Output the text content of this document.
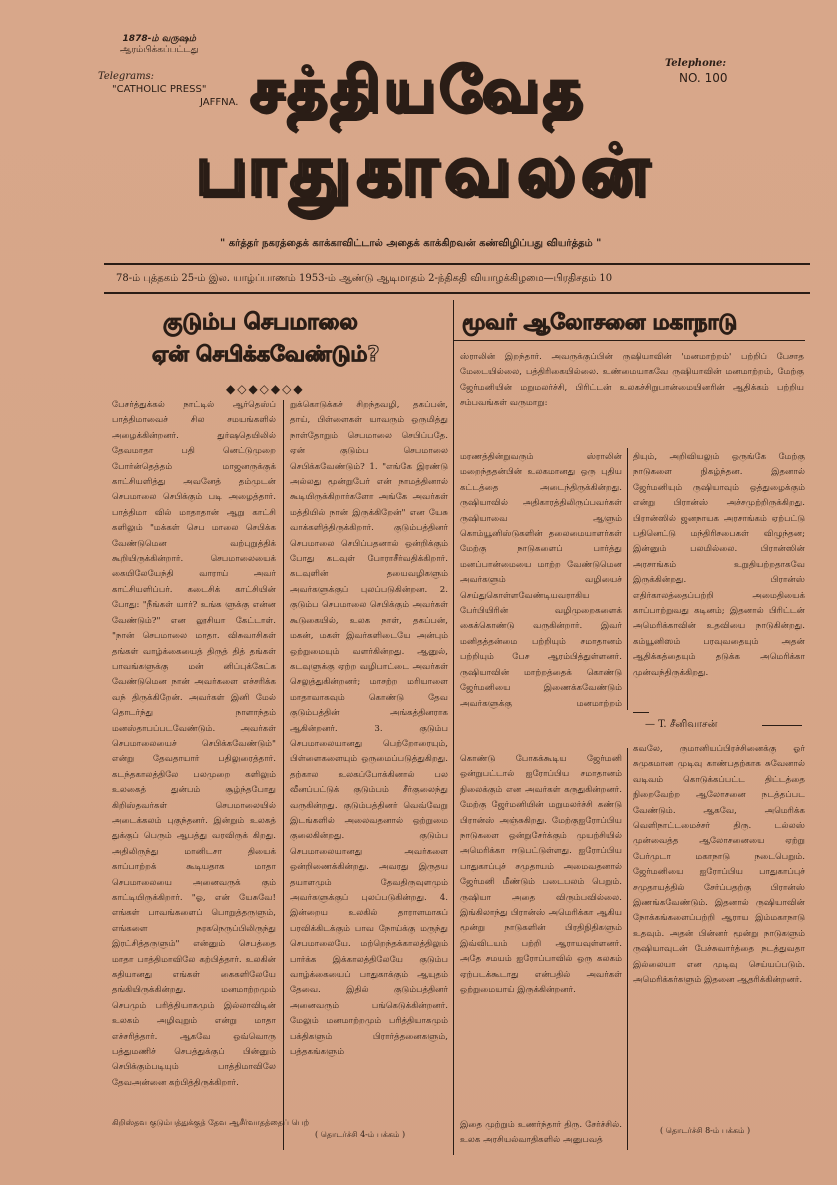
1878-ம் வருஷம்
ஆரம்பிக்கப்பட்டது
Telegrams:
"CATHOLIC PRESS"
JAFFNA.
Telephone:
NO. 100
சத்தியவேத
பாதுகாவலன்
" கர்த்தர் நகரத்தைக் காக்காவிட்டால் அதைக் காக்கிறவன் கண்விழிப்பது வியர்த்தம் "
78-ம் புத்தகம் 25-ம் இல. யாழ்ப்பாணம் 1953-ம் ஆண்டு ஆடிமாதம் 2-ந்திகதி வியாழக்கிழமை—பிரதிசதம் 10
குடும்ப செபமாலை
ஏன் செபிக்கவேண்டும்?
◆◇◆◇◆◇◆
மூவர் ஆலோசனை மகாநாடு

பேசர்த்துக்கல் நாட்டில் ஆர்தெஸ்ப் பாத்திமாவைச் சில சமயங்களில் அழைக்கின்றனர். துர்ஷதெயிலில் தேவமாதா பதி னெட்டுமுறை போர்ன்தெத்தம் மாஜனருக்குக் காட்சியளித்து அவனேத் தம்முடன் செபமாலை செபிக்கும் படி அழைத்தார். பாத்திமா வில் மாதாதான் ஆறு காட்சி களிலும் "மக்கள் செப மாலை செபிக்க வேண்டுமென வற்புறுத்திக் கூறியிருக்கின்றார். செபமாலையைக் கையிலேயேந்தி வாராய் அவர் காட்சியளிப்பர். கடைசிக் காட்சியின் போது: "நீங்கள் யார்? உங்க ளுக்கு என்ன வேண்டும்?" என லூசியா கேட்டாள். "நான் செபமாலை மாதா. விசுவாசிகள் தங்கள் வாழ்க்கையைத் திருத் தித் தங்கள் பாவங்களுக்கு மன் னிப்புக்கேட்க வேண்டுமென நான் அவர்களை எச்சரிக்க வந் திருக்கிறேன். அவர்கள் இனி மேல் தொடர்ந்து நாளாந்தம் மனஸ்தாபப்படவேண்டும். அவர்கள் செபமாலையைச் செபிக்கவேண்டும்" என்று தேவதாயார் பதிலுரைத்தார். கடந்தகாலத்திலே பலமுறை களிலும் உலகைத் துன்பம் சூழ்ந்தபோது கிறிஸ்தவர்கள் செபமாலையில் அடைக்கலம் புகுந்தனர். இன்றும் உலகத் துக்குப் பெரும் ஆபத்து வரவிருக் கிறது. அதிலிருந்து மானிடசா தியைக் காப்பாற்றக் கூடியதாக மாதா செபமாலையை அனைவருக் கும் காட்டியிருக்கிறார். "ஓ, என் யேசுவே! எங்கள் பாவங்களைப் பொறுத்தருளும், எங்களை நரகநெருப்பிலிருந்து இரட்சித்தருளும்" என்னும் செபத்தை மாதா பாத்திமாவிலே கற்பித்தார். உலகின் கதியானது எங்கள் கைகளிலேயே தங்கியிருக்கின்றது. மனமாற்றமும் செபமும் பரித்தியாகமும் இல்லாவிடின் உலகம் அழிவுறும் என்று மாதா எச்சரித்தார். ஆகவே ஒவ்வொரு பத்துமணிச் செபத்துக்குப் பின்னும் செபிக்கும்படியும் பாத்திமாவிலே தேவஅன்னை கற்பித்திருக்கிறார்.

கிறிஸ்தவ குடும்பத்துக்குத் தேவ ஆசீர்வாதத்தைப் பெற்

றுக்கொடுக்கச் சிறந்தவழி, தகப்பன், தாய், பிள்ளைகள் யாவரும் ஒருமித்து நாள்தோறும் செபமாலை செபிப்பதே. ஏன் குடும்ப செபமாலை செபிக்கவேண்டும்? 1. "எங்கே இரண்டு அல்லது மூன்றுபேர் என் நாமத்தினால் கூடியிருக்கிறார்களோ அங்கே அவர்கள் மத்தியில் நான் இருக்கிறேன்" என யேசு வாக்களித்திருக்கிறார். குடும்பத்தினர் செபமாலை செபிப்பதனால் ஒன்றிக்கும் போது கடவுள் போராசீர்வதிக்கிறார். கடவுளின் தயைவழிகளும் அவர்களுக்குப் புலப்படுகின்றன. 2. குடும்ப செபமாலை செபிக்கும் அவர்கள் கூடுகையில், உலக நாள், தகப்பன், மகன், மகள் இவர்களிடையே அன்பும் ஒற்றுமையும் வளர்கின்றது. ஆனுல், கடவுளுக்கு ஏற்ற வழிபாட்டை அவர்கள் செலுத்துகின்றனர்; மாசற்ற மரியாளை மாதாவாகவும் கொண்டு தேவ குடும்பத்தின் அங்கத்தினராக ஆகின்றனர். 3. குடும்ப செபமாலையானது பெற்றோரையும், பிள்ளைகளையும் ஒருமைப்படுத்துகிறது. தற்கால உலகப்போக்கினால் பல வீனப்பட்டுக் குடும்பம் சீர்குலைந்து வருகின்றது. குடும்பத்தினர் வெவ்வேறு இடங்களில் அலைவதனால் ஒற்றுமை குலைகின்றது. குடும்ப செபமாலையானது அவர்களை ஒன்றிணைக்கின்றது. அவரது இருதய தயாளமும் தேவதிருவுளமும் அவர்களுக்குப் புலப்படுகின்றது. 4. இன்றைய உலகில் தாராளமாகப் பரவிக்கிடக்கும் பாவ நோய்க்கு மருந்து செபமாலையே. மற்றெந்தக்காலத்திலும் பார்க்க இக்காலத்திலேயே குடும்ப வாழ்க்கையைப் பாதுகாக்கும் ஆயுதம் தேவை. இதில் குடும்பத்தினர் அனைவரும் பங்கெடுக்கின்றனர். மேலும் மனமாற்றமும் பரித்தியாகமும் பக்திகளும் பிரார்த்தனைகளும், பத்தகங்களும்

( தொடர்ச்சி 4-ம் பக்கம் )

ஸ்ராலின் இறந்தார். அவருக்குப்பின் ருஷியாவின் 'மனமாற்றம்' பற்றிப் பேசாத மேடையில்லை, பத்திரிகையில்லை. உண்மையாகவே ருஷியாவின் மனமாற்றம், மேற்கு ஜேர்மனியின் மறுமலர்ச்சி, பிரிட்டன் உலகச்சிறுபான்மையினரின் ஆதிக்கம் பற்றிய சம்பவங்கள் வருமாறு:

மரணத்தின்றுவரும் ஸ்ராலின் மறைந்ததன்பின் உலகமானது ஒரு புதிய கட்டத்தை அடைந்திருக்கின்றது. ருஷியாவில் அதிகாரத்திலிருப்பவர்கள் ருஷியாவை ஆளும் கொம்யூனிஸ்டுகளின் தலைமையாளர்கள் மேற்கு நாடுகளைப் பார்த்து மனப்பான்மையை மாற்ற வேண்டுமென அவர்களும் வழியைச் செய்துகொள்ளவேண்டியவராகிய பேர்பியிரின் வழிமுறைகளைக் கைக்கொண்டு வருகின்றார். இவர் மனிதத்தன்மை பற்றியும் சமாதானம் பற்றியும் பேச ஆரம்பித்துள்ளனர். ருஷியாவின் மாற்றத்தைக் கொண்டு ஜேர்மனியை இணைக்கவேண்டும் அவர்களுக்கு மனமாற்றம்

தியும், அறிவியலும் ஒருங்கே மேற்கு நாடுகளை நிகழ்ந்தன. இதனால் ஜேர்மனியும் ருஷியாவும் ஒத்துழைக்கும் என்று பிரான்ஸ் அச்சமுற்றிருக்கிறது. பிரான்ஸில் ஜனநாயக அரசாங்கம் ஏற்பட்டு பதினெட்டு மந்திரிசபைகள் விழுந்தன; இன்னும் பலமில்லை. பிரான்ஸின் அரசாங்கம் உறுதியற்றதாகவே இருக்கின்றது. பிரான்ஸ் எதிர்காலத்தைப்பற்றி அமைதியைக் காப்பாற்றுவது கடினம்; இதனால் பிரிட்டன் அமெரிக்காவின் உதவியை நாடுகின்றது. கம்யூனிஸம் பரவுவதையும் அதன் ஆதிக்கத்தையும் தடுக்க அமெரிக்கா முன்வந்திருக்கிறது.

— T. சீனிவாசன்

கொண்டு போகக்கூடிய ஜேர்மனி ஒன்றுபட்டால் ஐரோப்பிய சமாதானம் நிலைக்கும் என அவர்கள் கருதுகின்றனர். மேற்கு ஜேர்மனியின் மறுமலர்ச்சி கண்டு பிரான்ஸ் அஞ்சுகிறது. மேற்குஐரோப்பிய நாடுகளை ஒன்றுசேர்க்கும் முயற்சியில் அமெரிக்கா ஈடுபட்டுள்ளது. ஐரோப்பிய பாதுகாப்புச் சமுதாயம் அமைவதனால் ஜேர்மனி மீண்டும் படைபலம் பெறும். ருஷியா அதை விரும்பவில்லை. இங்கிலாந்து பிரான்ஸ் அமெரிக்கா ஆகிய மூன்று நாடுகளின் பிரதிநிதிகளும் இவ்விடயம் பற்றி ஆராயவுள்ளனர். அதே சமயம் ஐரோப்பாவில் ஒரு கலகம் ஏற்படக்கூடாது என்பதில் அவர்கள் ஒற்றுமையாய் இருக்கின்றனர்.

இதை முற்றும் உணர்ந்தார் திரு. சேர்ச்சில். உலக அரசியல்வாதிகளில் அனுபவத்

கவலே, ருமானியப்பிரச்சினைக்கு ஓர் சுமுகமான முடிவு காண்பதற்காக சுவேனால் வடிவம் கொடுக்கப்பட்ட திட்டத்தை நிறைவேற்ற ஆலோசனை நடத்தப்பட வேண்டும். ஆகவே, அமெரிக்க வெளிநாட்டமைச்சர் திரு. டல்லஸ் முன்வைத்த ஆலோசனையை ஏற்று பேர்முடா மகாநாடு நடைபெறும். ஜேர்மனியை ஐரோப்பிய பாதுகாப்புச் சமுதாயத்தில் சேர்ப்பதற்கு பிரான்ஸ் இணங்கவேண்டும். இதனால் ருஷியாவின் நோக்கங்களைப்பற்றி ஆராய இம்மகாநாடு உதவும். அதன் பின்னர் மூன்று நாடுகளும் ருஷியாவுடன் பேச்சுவார்த்தை நடத்துவதா இல்லையா என முடிவு செய்யப்படும். அமெரிக்கர்களும் இதனை ஆதரிக்கின்றனர்.

( தொடர்ச்சி 8-ம் பக்கம் )
